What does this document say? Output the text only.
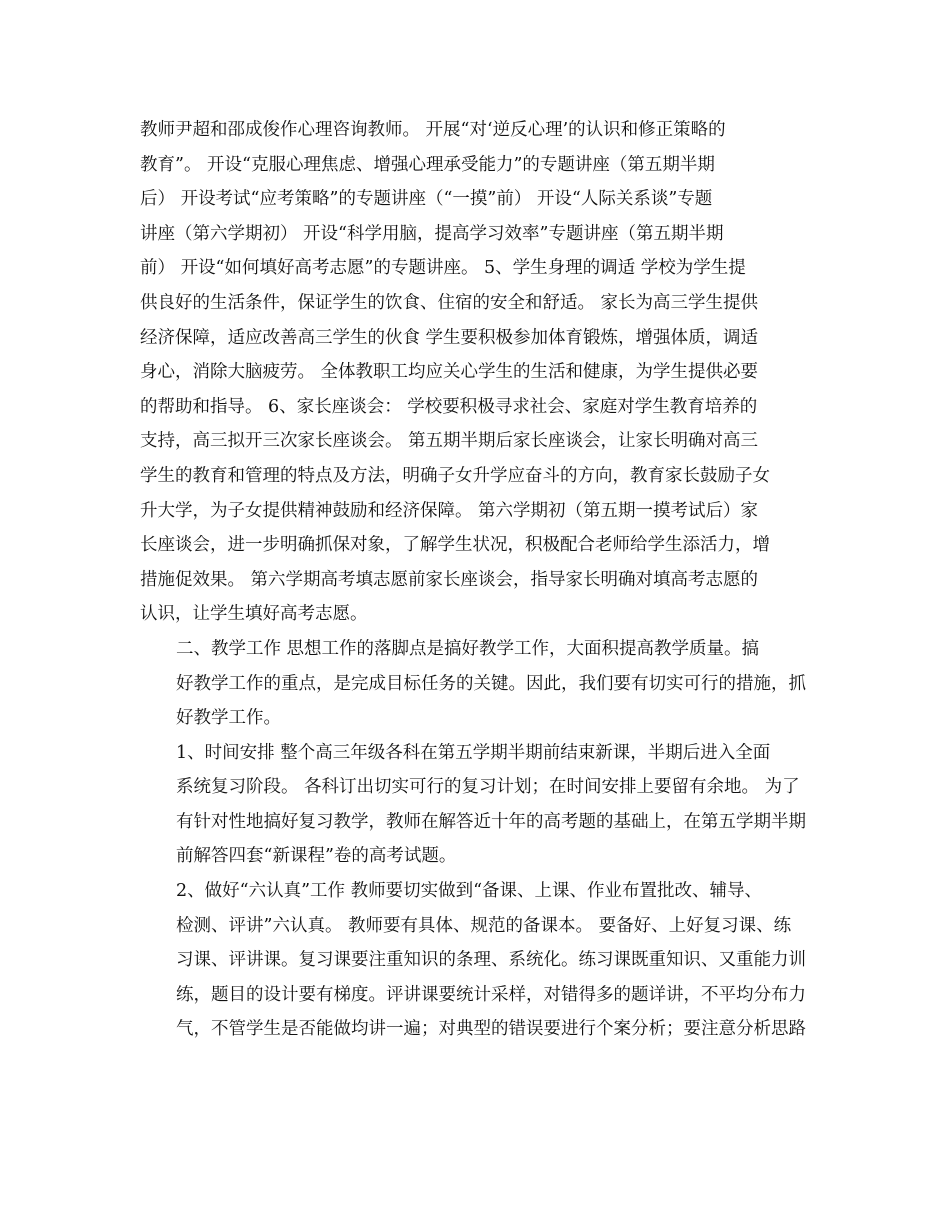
教师尹超和邵成俊作心理咨询教师。 开展“对‘逆反心理’的认识和修正策略的
教育”。 开设“克服心理焦虑、增强心理承受能力”的专题讲座（第五期半期
后） 开设考试“应考策略”的专题讲座（“一摸”前） 开设“人际关系谈”专题
讲座（第六学期初） 开设“科学用脑，提高学习效率”专题讲座（第五期半期
前） 开设“如何填好高考志愿”的专题讲座。 5、学生身理的调适 学校为学生提
供良好的生活条件，保证学生的饮食、住宿的安全和舒适。 家长为高三学生提供
经济保障，适应改善高三学生的伙食 学生要积极参加体育锻炼，增强体质，调适
身心，消除大脑疲劳。 全体教职工均应关心学生的生活和健康，为学生提供必要
的帮助和指导。 6、家长座谈会： 学校要积极寻求社会、家庭对学生教育培养的
支持，高三拟开三次家长座谈会。 第五期半期后家长座谈会，让家长明确对高三
学生的教育和管理的特点及方法，明确子女升学应奋斗的方向，教育家长鼓励子女
升大学，为子女提供精神鼓励和经济保障。 第六学期初（第五期一摸考试后）家
长座谈会，进一步明确抓保对象，了解学生状况，积极配合老师给学生添活力，增
措施促效果。 第六学期高考填志愿前家长座谈会，指导家长明确对填高考志愿的
认识，让学生填好高考志愿。
二、教学工作 思想工作的落脚点是搞好教学工作，大面积提高教学质量。搞
好教学工作的重点，是完成目标任务的关键。因此，我们要有切实可行的措施，抓
好教学工作。
1、时间安排 整个高三年级各科在第五学期半期前结束新课，半期后进入全面
系统复习阶段。 各科订出切实可行的复习计划；在时间安排上要留有余地。 为了
有针对性地搞好复习教学，教师在解答近十年的高考题的基础上，在第五学期半期
前解答四套“新课程”卷的高考试题。
2、做好“六认真”工作 教师要切实做到“备课、上课、作业布置批改、辅导、
检测、评讲”六认真。 教师要有具体、规范的备课本。 要备好、上好复习课、练
习课、评讲课。复习课要注重知识的条理、系统化。练习课既重知识、又重能力训
练，题目的设计要有梯度。评讲课要统计采样，对错得多的题详讲，不平均分布力
气，不管学生是否能做均讲一遍；对典型的错误要进行个案分析；要注意分析思路
